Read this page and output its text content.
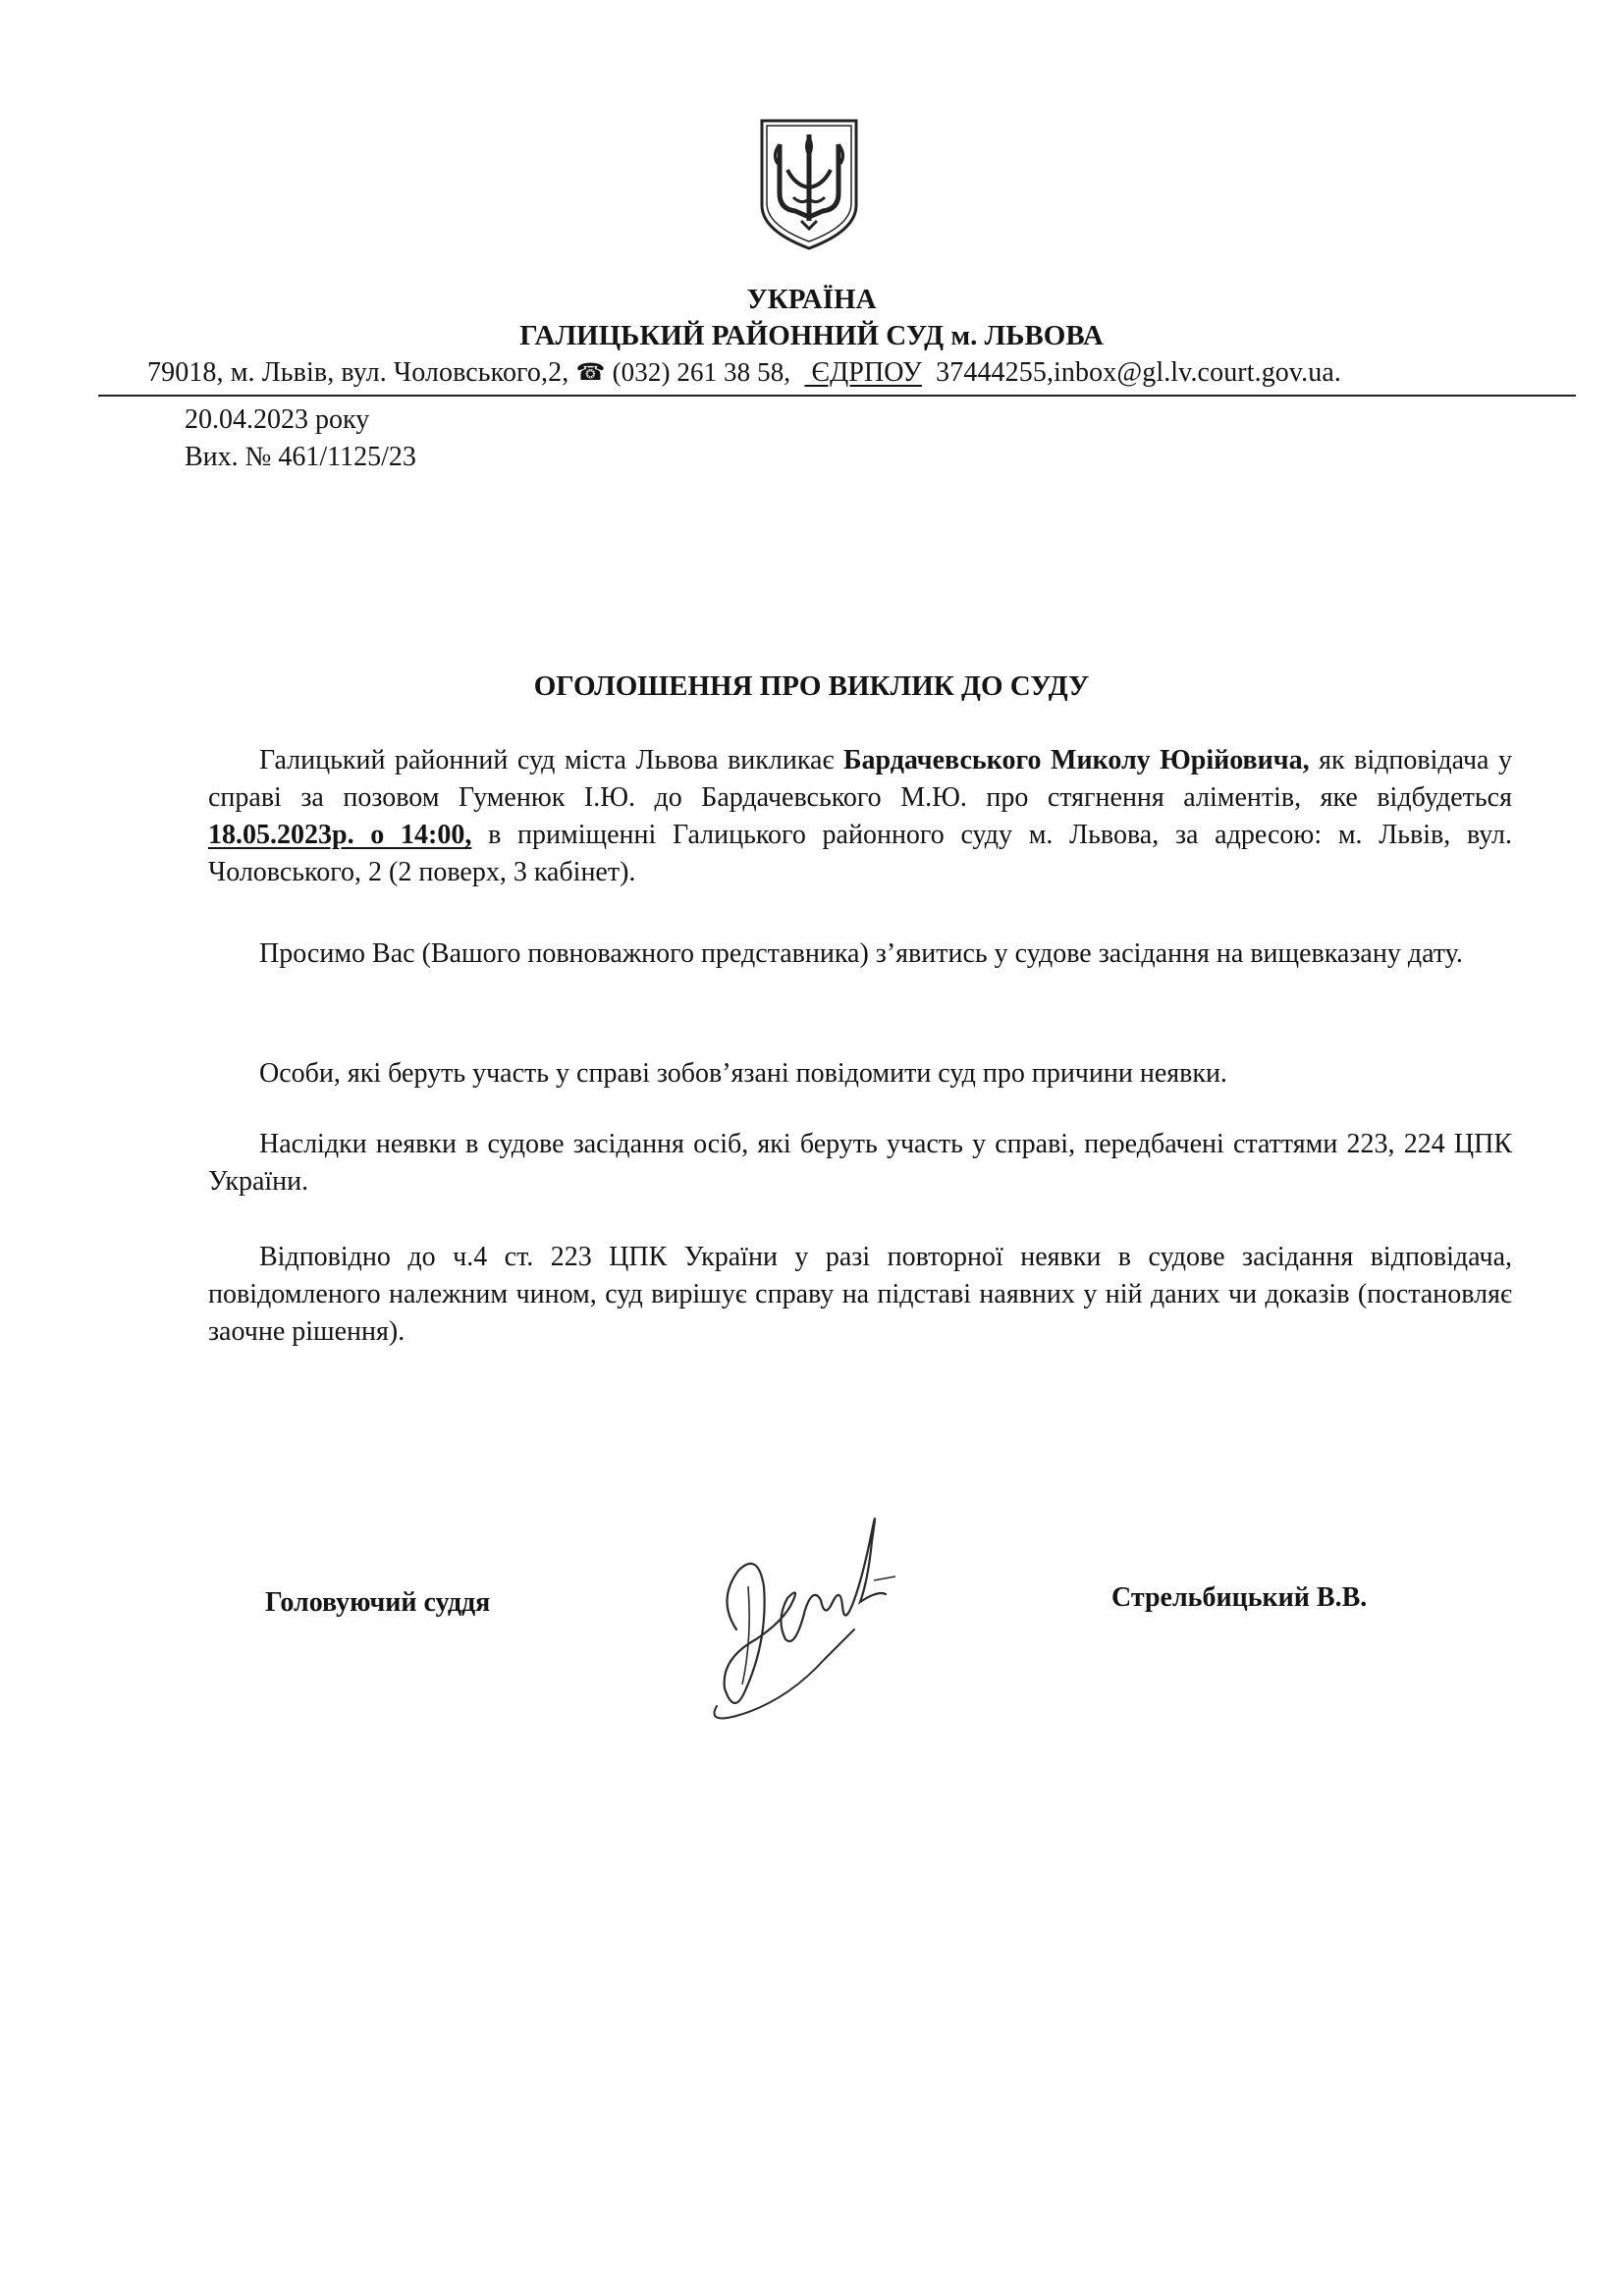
УКРАЇНА
ГАЛИЦЬКИЙ РАЙОННИЙ СУД м. ЛЬВОВА
79018, м. Львів, вул. Чоловського,2, ☎ (032) 261 38 58, ЄДРПОУ 37444255,inbox@gl.lv.court.gov.ua.
20.04.2023 року
Вих. № 461/1125/23
ОГОЛОШЕННЯ ПРО ВИКЛИК ДО СУДУ

Галицький районний суд міста Львова викликає Бардачевського Миколу Юрійовича, як відповідача у справі за позовом Гуменюк І.Ю. до Бардачевського М.Ю. про стягнення аліментів, яке відбудеться 18.05.2023р. о 14:00, в приміщенні Галицького районного суду м. Львова, за адресою: м. Львів, вул. Чоловського, 2 (2 поверх, 3 кабінет).

Просимо Вас (Вашого повноважного представника) з’явитись у судове засідання на вищевказану дату.

Особи, які беруть участь у справі зобов’язані повідомити суд про причини неявки.

Наслідки неявки в судове засідання осіб, які беруть участь у справі, передбачені статтями 223, 224 ЦПК України.

Відповідно до ч.4 ст. 223 ЦПК України у разі повторної неявки в судове засідання відповідача, повідомленого належним чином, суд вирішує справу на підставі наявних у ній даних чи доказів (постановляє заочне рішення).

Головуючий суддя	Стрельбицький В.В.
